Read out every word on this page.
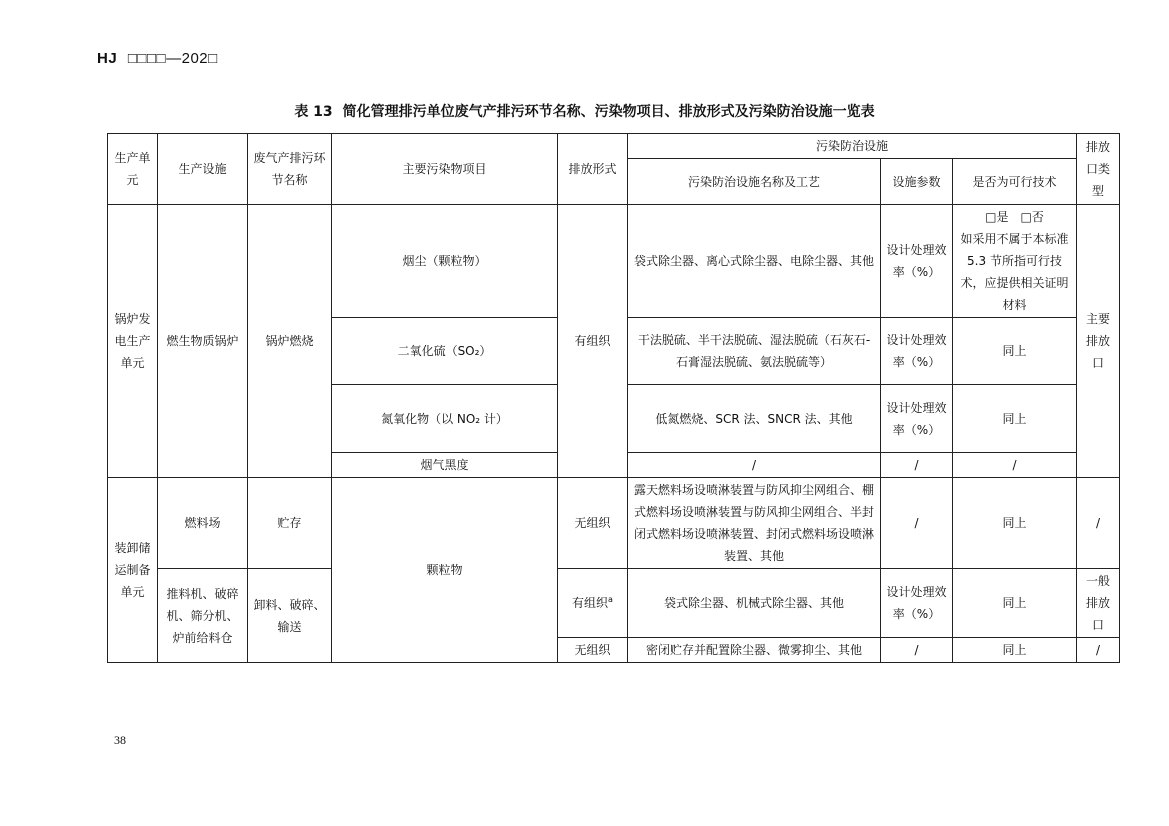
HJ □□□□—202□
表 13 简化管理排污单位废气产排污环节名称、污染物项目、排放形式及污染防治设施一览表
生产单元	生产设施	废气产排污环节名称	主要污染物项目	排放形式	污染防治设施			排放口类型
					污染防治设施名称及工艺	设施参数	是否为可行技术	
锅炉发电生产单元	燃生物质锅炉	锅炉燃烧	烟尘（颗粒物）	有组织	袋式除尘器、离心式除尘器、电除尘器、其他	设计处理效率（%）	□是　□否
如采用不属于本标准 5.3 节所指可行技术，应提供相关证明材料	主要排放口
			二氧化硫（SO₂）		干法脱硫、半干法脱硫、湿法脱硫（石灰石-石膏湿法脱硫、氨法脱硫等）	设计处理效率（%）	同上	
			氮氧化物（以 NO₂ 计）		低氮燃烧、SCR 法、SNCR 法、其他	设计处理效率（%）	同上	
			烟气黑度		/	/	/	
装卸储运制备单元	燃料场	贮存	颗粒物	无组织	露天燃料场设喷淋装置与防风抑尘网组合、棚式燃料场设喷淋装置与防风抑尘网组合、半封闭式燃料场设喷淋装置、封闭式燃料场设喷淋装置、其他	/	同上	/
	推料机、破碎机、筛分机、炉前给料仓	卸料、破碎、输送		有组织$^a$	袋式除尘器、机械式除尘器、其他	设计处理效率（%）	同上	一般排放口
				无组织	密闭贮存并配置除尘器、微雾抑尘、其他	/	同上	/
38
